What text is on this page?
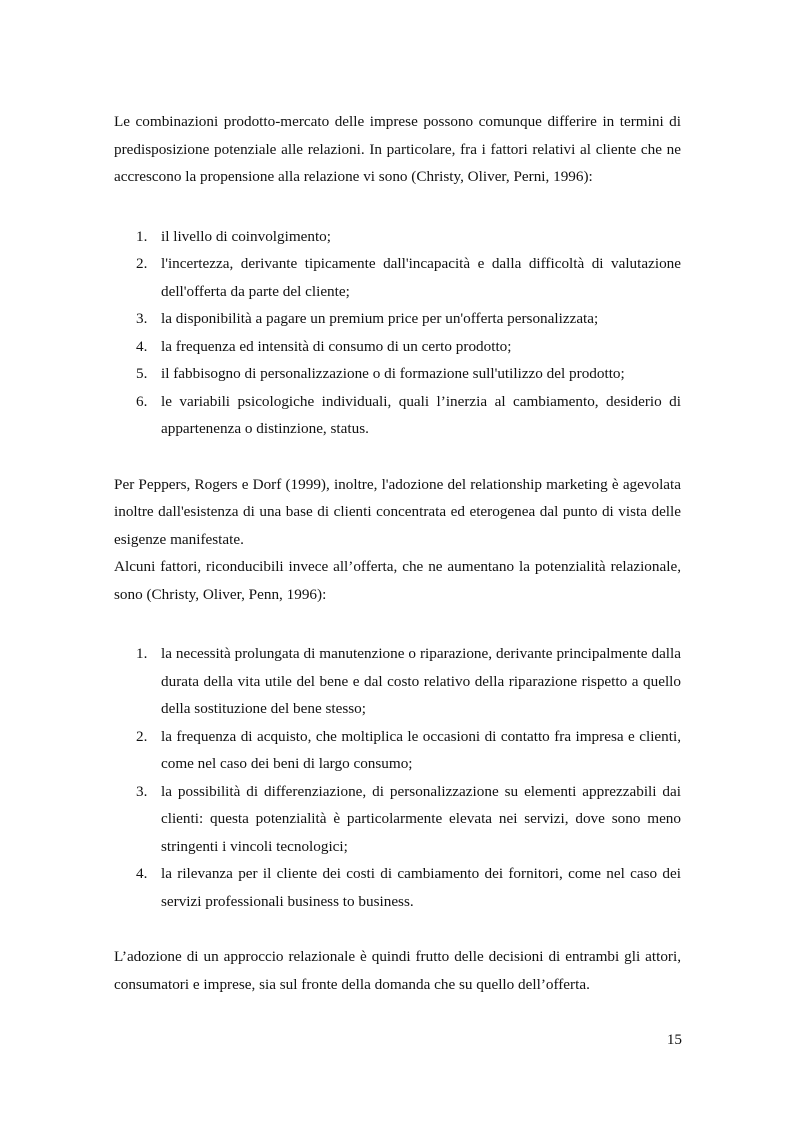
Le combinazioni prodotto-mercato delle imprese possono comunque differire in termini di predisposizione potenziale alle relazioni. In particolare, fra i fattori relativi al cliente che ne accrescono la propensione alla relazione vi sono (Christy, Oliver, Perni, 1996):

1. il livello di coinvolgimento;
2. l'incertezza, derivante tipicamente dall'incapacità e dalla difficoltà di valutazione dell'offerta da parte del cliente;
3. la disponibilità a pagare un premium price per un'offerta personalizzata;
4. la frequenza ed intensità di consumo di un certo prodotto;
5. il fabbisogno di personalizzazione o di formazione sull'utilizzo del prodotto;
6. le variabili psicologiche individuali, quali l’inerzia al cambiamento, desiderio di appartenenza o distinzione, status.

Per Peppers, Rogers e Dorf (1999), inoltre, l'adozione del relationship marketing è agevolata inoltre dall'esistenza di una base di clienti concentrata ed eterogenea dal punto di vista delle esigenze manifestate.

Alcuni fattori, riconducibili invece all’offerta, che ne aumentano la potenzialità relazionale, sono (Christy, Oliver, Penn, 1996):

1. la necessità prolungata di manutenzione o riparazione, derivante principalmente dalla durata della vita utile del bene e dal costo relativo della riparazione rispetto a quello della sostituzione del bene stesso;
2. la frequenza di acquisto, che moltiplica le occasioni di contatto fra impresa e clienti, come nel caso dei beni di largo consumo;
3. la possibilità di differenziazione, di personalizzazione su elementi apprezzabili dai clienti: questa potenzialità è particolarmente elevata nei servizi, dove sono meno stringenti i vincoli tecnologici;
4. la rilevanza per il cliente dei costi di cambiamento dei fornitori, come nel caso dei servizi professionali business to business.

L’adozione di un approccio relazionale è quindi frutto delle decisioni di entrambi gli attori, consumatori e imprese, sia sul fronte della domanda che su quello dell’offerta.

15
